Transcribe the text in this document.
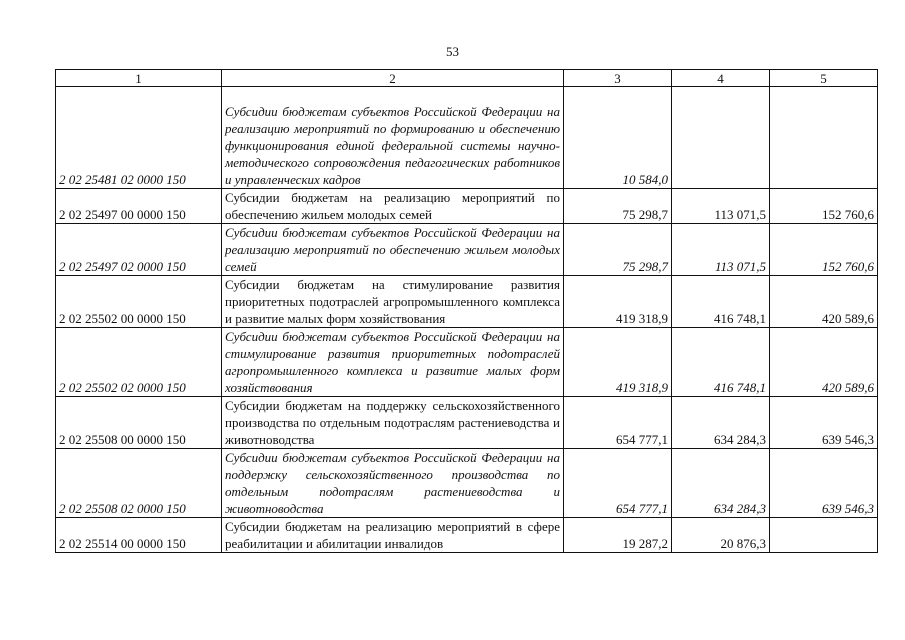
53
1	2	3	4	5
2 02 25481 02 0000 150	Субсидии бюджетам субъектов Российской Федерации на реализацию мероприятий по формированию и обеспечению функционирования единой федеральной системы научно-методического сопровождения педагогических работников и управленческих кадров	10 584,0		
2 02 25497 00 0000 150	Субсидии бюджетам на реализацию мероприятий по обеспечению жильем молодых семей	75 298,7	113 071,5	152 760,6
2 02 25497 02 0000 150	Субсидии бюджетам субъектов Российской Федерации на реализацию мероприятий по обеспечению жильем молодых семей	75 298,7	113 071,5	152 760,6
2 02 25502 00 0000 150	Субсидии бюджетам на стимулирование развития приоритетных подотраслей агропромышленного комплекса и развитие малых форм хозяйствования	419 318,9	416 748,1	420 589,6
2 02 25502 02 0000 150	Субсидии бюджетам субъектов Российской Федерации на стимулирование развития приоритетных подотраслей агропромышленного комплекса и развитие малых форм хозяйствования	419 318,9	416 748,1	420 589,6
2 02 25508 00 0000 150	Субсидии бюджетам на поддержку сельскохозяйственного производства по отдельным подотраслям растениеводства и животноводства	654 777,1	634 284,3	639 546,3
2 02 25508 02 0000 150	Субсидии бюджетам субъектов Российской Федерации на поддержку сельскохозяйственного производства по отдельным подотраслям растениеводства и животноводства	654 777,1	634 284,3	639 546,3
2 02 25514 00 0000 150	Субсидии бюджетам на реализацию мероприятий в сфере реабилитации и абилитации инвалидов	19 287,2	20 876,3	
